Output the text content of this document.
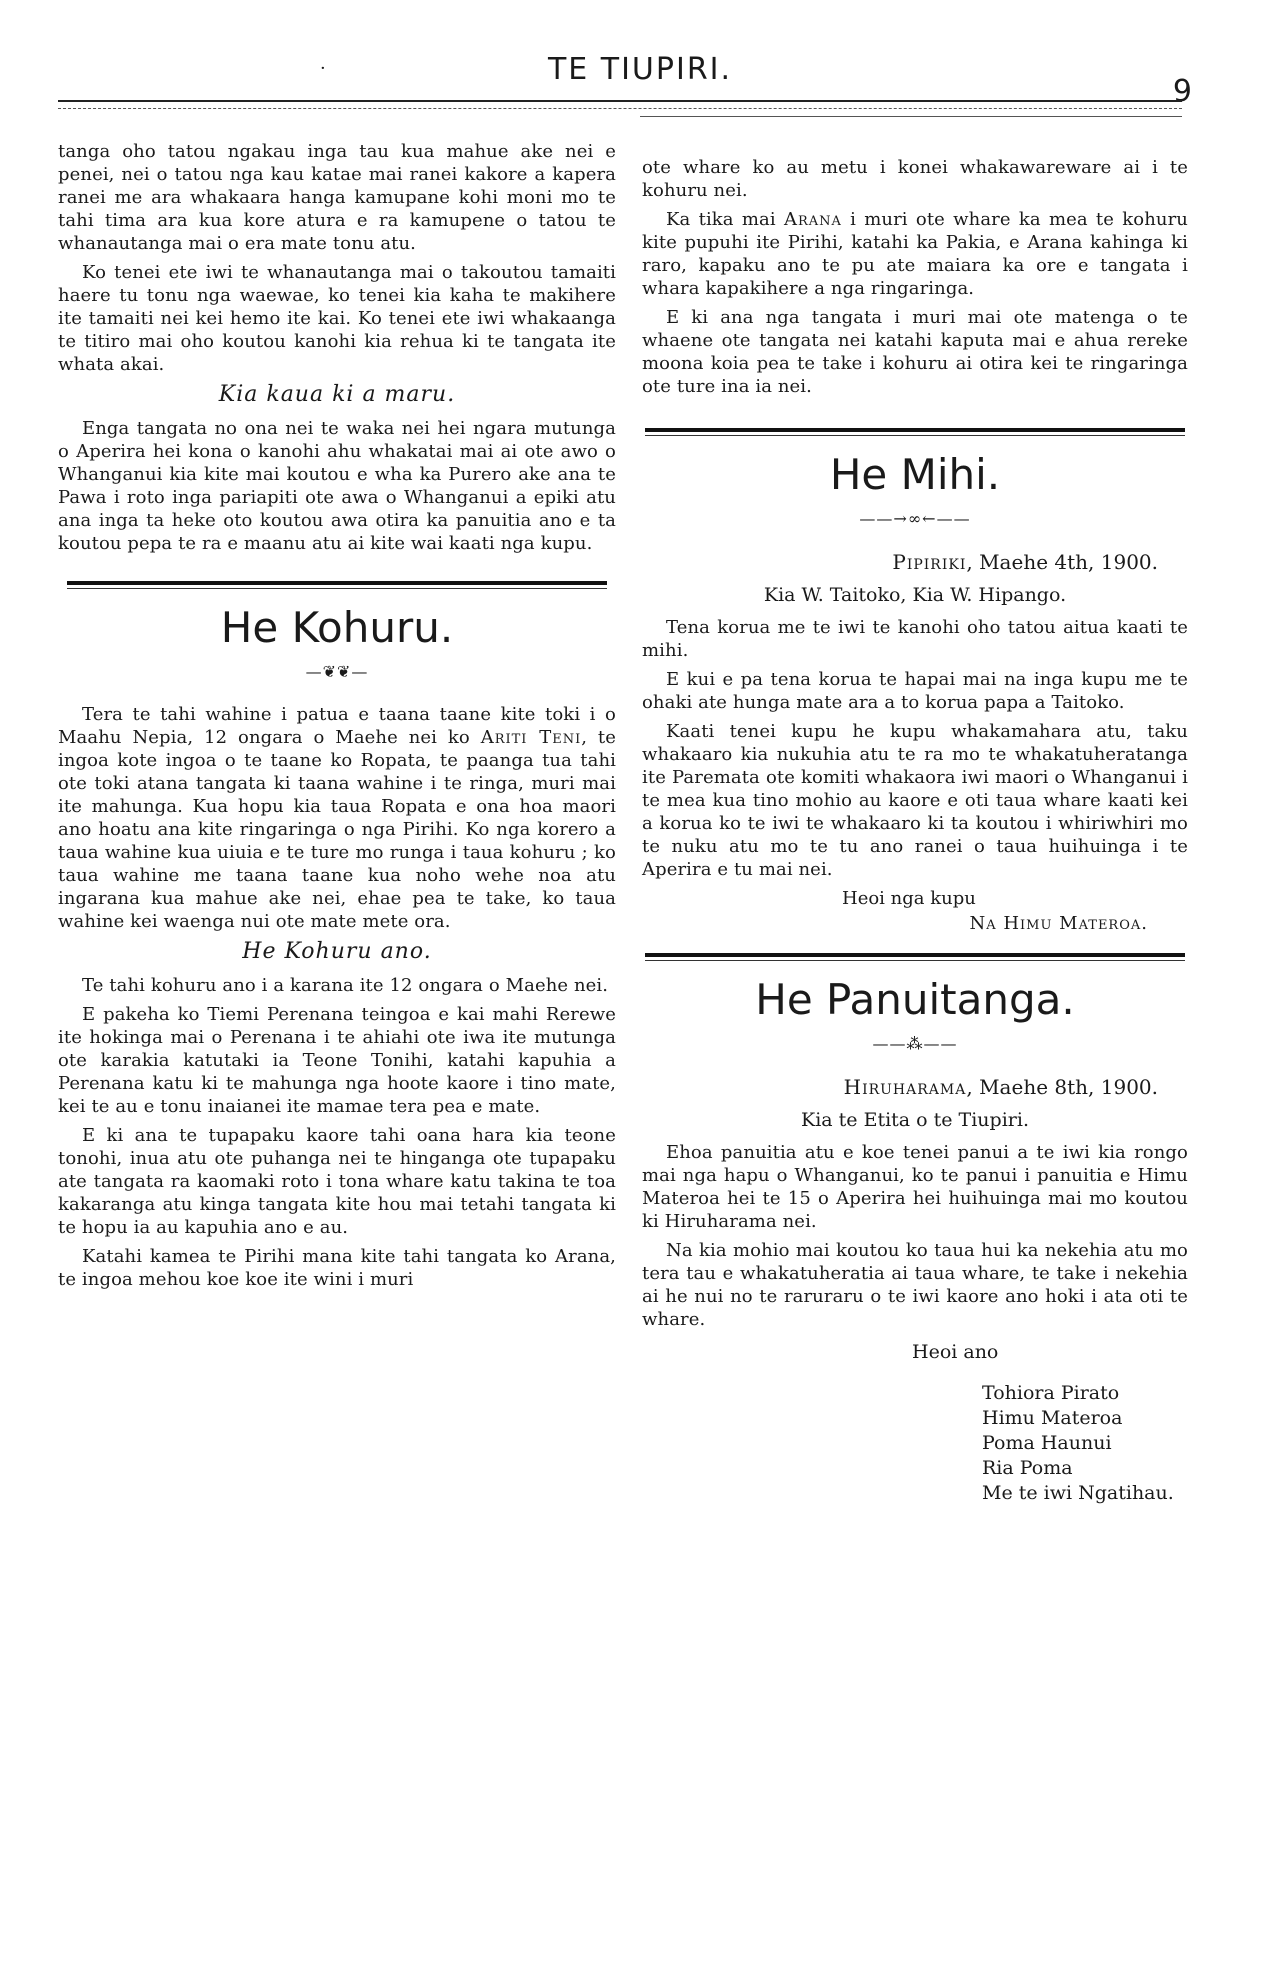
·	TE TIUPIRI.
9

tanga oho tatou ngakau inga tau kua mahue ake nei e penei, nei o tatou nga kau katae mai ranei kakore a kapera ranei me ara whakaara hanga kamupane kohi moni mo te tahi tima ara kua kore atura e ra kamupene o tatou te whanautanga mai o era mate tonu atu.

Ko tenei ete iwi te whanautanga mai o takoutou tamaiti haere tu tonu nga waewae, ko tenei kia kaha te makihere ite tamaiti nei kei hemo ite kai. Ko tenei ete iwi whakaanga te titiro mai oho koutou kanohi kia rehua ki te tangata ite whata akai.

Kia kaua ki a maru.

Enga tangata no ona nei te waka nei hei ngara mutunga o Aperira hei kona o kanohi ahu whakatai mai ai ote awo o Whanganui kia kite mai koutou e wha ka Purero ake ana te Pawa i roto inga pariapiti ote awa o Whanganui a epiki atu ana inga ta heke oto koutou awa otira ka panuitia ano e ta koutou pepa te ra e maanu atu ai kite wai kaati nga kupu.

He Kohuru.
—❦❦—

Tera te tahi wahine i patua e taana taane kite toki i o Maahu Nepia, 12 ongara o Maehe nei ko Ariti Teni, te ingoa kote ingoa o te taane ko Ropata, te paanga tua tahi ote toki atana tangata ki taana wahine i te ringa, muri mai ite mahunga. Kua hopu kia taua Ropata e ona hoa maori ano hoatu ana kite ringaringa o nga Pirihi. Ko nga korero a taua wahine kua uiuia e te ture mo runga i taua kohuru ; ko taua wahine me taana taane kua noho wehe noa atu ingarana kua mahue ake nei, ehae pea te take, ko taua wahine kei waenga nui ote mate mete ora.

He Kohuru ano.

Te tahi kohuru ano i a karana ite 12 ongara o Maehe nei.

E pakeha ko Tiemi Perenana teingoa e kai mahi Rerewe ite hokinga mai o Perenana i te ahiahi ote iwa ite mutunga ote karakia katutaki ia Teone Tonihi, katahi kapuhia a Perenana katu ki te mahunga nga hoote kaore i tino mate, kei te au e tonu inaianei ite mamae tera pea e mate.

E ki ana te tupapaku kaore tahi oana hara kia teone tonohi, inua atu ote puhanga nei te hinganga ote tupapaku ate tangata ra kaomaki roto i tona whare katu takina te toa kakaranga atu kinga tangata kite hou mai tetahi tangata ki te hopu ia au kapuhia ano e au.

Katahi kamea te Pirihi mana kite tahi tangata ko Arana, te ingoa mehou koe koe ite wini i muri

ote whare ko au metu i konei whakawareware ai i te kohuru nei.

Ka tika mai Arana i muri ote whare ka mea te kohuru kite pupuhi ite Pirihi, katahi ka Pakia, e Arana kahinga ki raro, kapaku ano te pu ate maiara ka ore e tangata i whara kapakihere a nga ringaringa.

E ki ana nga tangata i muri mai ote matenga o te whaene ote tangata nei katahi kaputa mai e ahua rereke moona koia pea te take i kohuru ai otira kei te ringaringa ote ture ina ia nei.

He Mihi.
——→∞←——
Pipiriki, Maehe 4th, 1900.
Kia W. Taitoko, Kia W. Hipango.

Tena korua me te iwi te kanohi oho tatou aitua kaati te mihi.

E kui e pa tena korua te hapai mai na inga kupu me te ohaki ate hunga mate ara a to korua papa a Taitoko.

Kaati tenei kupu he kupu whakamahara atu, taku whakaaro kia nukuhia atu te ra mo te whakatuheratanga ite Paremata ote komiti whakaora iwi maori o Whanganui i te mea kua tino mohio au kaore e oti taua whare kaati kei a korua ko te iwi te whakaaro ki ta koutou i whiriwhiri mo te nuku atu mo te tu ano ranei o taua huihuinga i te Aperira e tu mai nei.

Heoi nga kupu
Na Himu Materoa.
He Panuitanga.
——⁂——
Hiruharama, Maehe 8th, 1900.
Kia te Etita o te Tiupiri.

Ehoa panuitia atu e koe tenei panui a te iwi kia rongo mai nga hapu o Whanganui, ko te panui i panuitia e Himu Materoa hei te 15 o Aperira hei huihuinga mai mo koutou ki Hiruharama nei.

Na kia mohio mai koutou ko taua hui ka nekehia atu mo tera tau e whakatuheratia ai taua whare, te take i nekehia ai he nui no te raruraru o te iwi kaore ano hoki i ata oti te whare.

Heoi ano
Tohiora Pirato
Himu Materoa
Poma Haunui
Ria Poma
Me te iwi Ngatihau.
